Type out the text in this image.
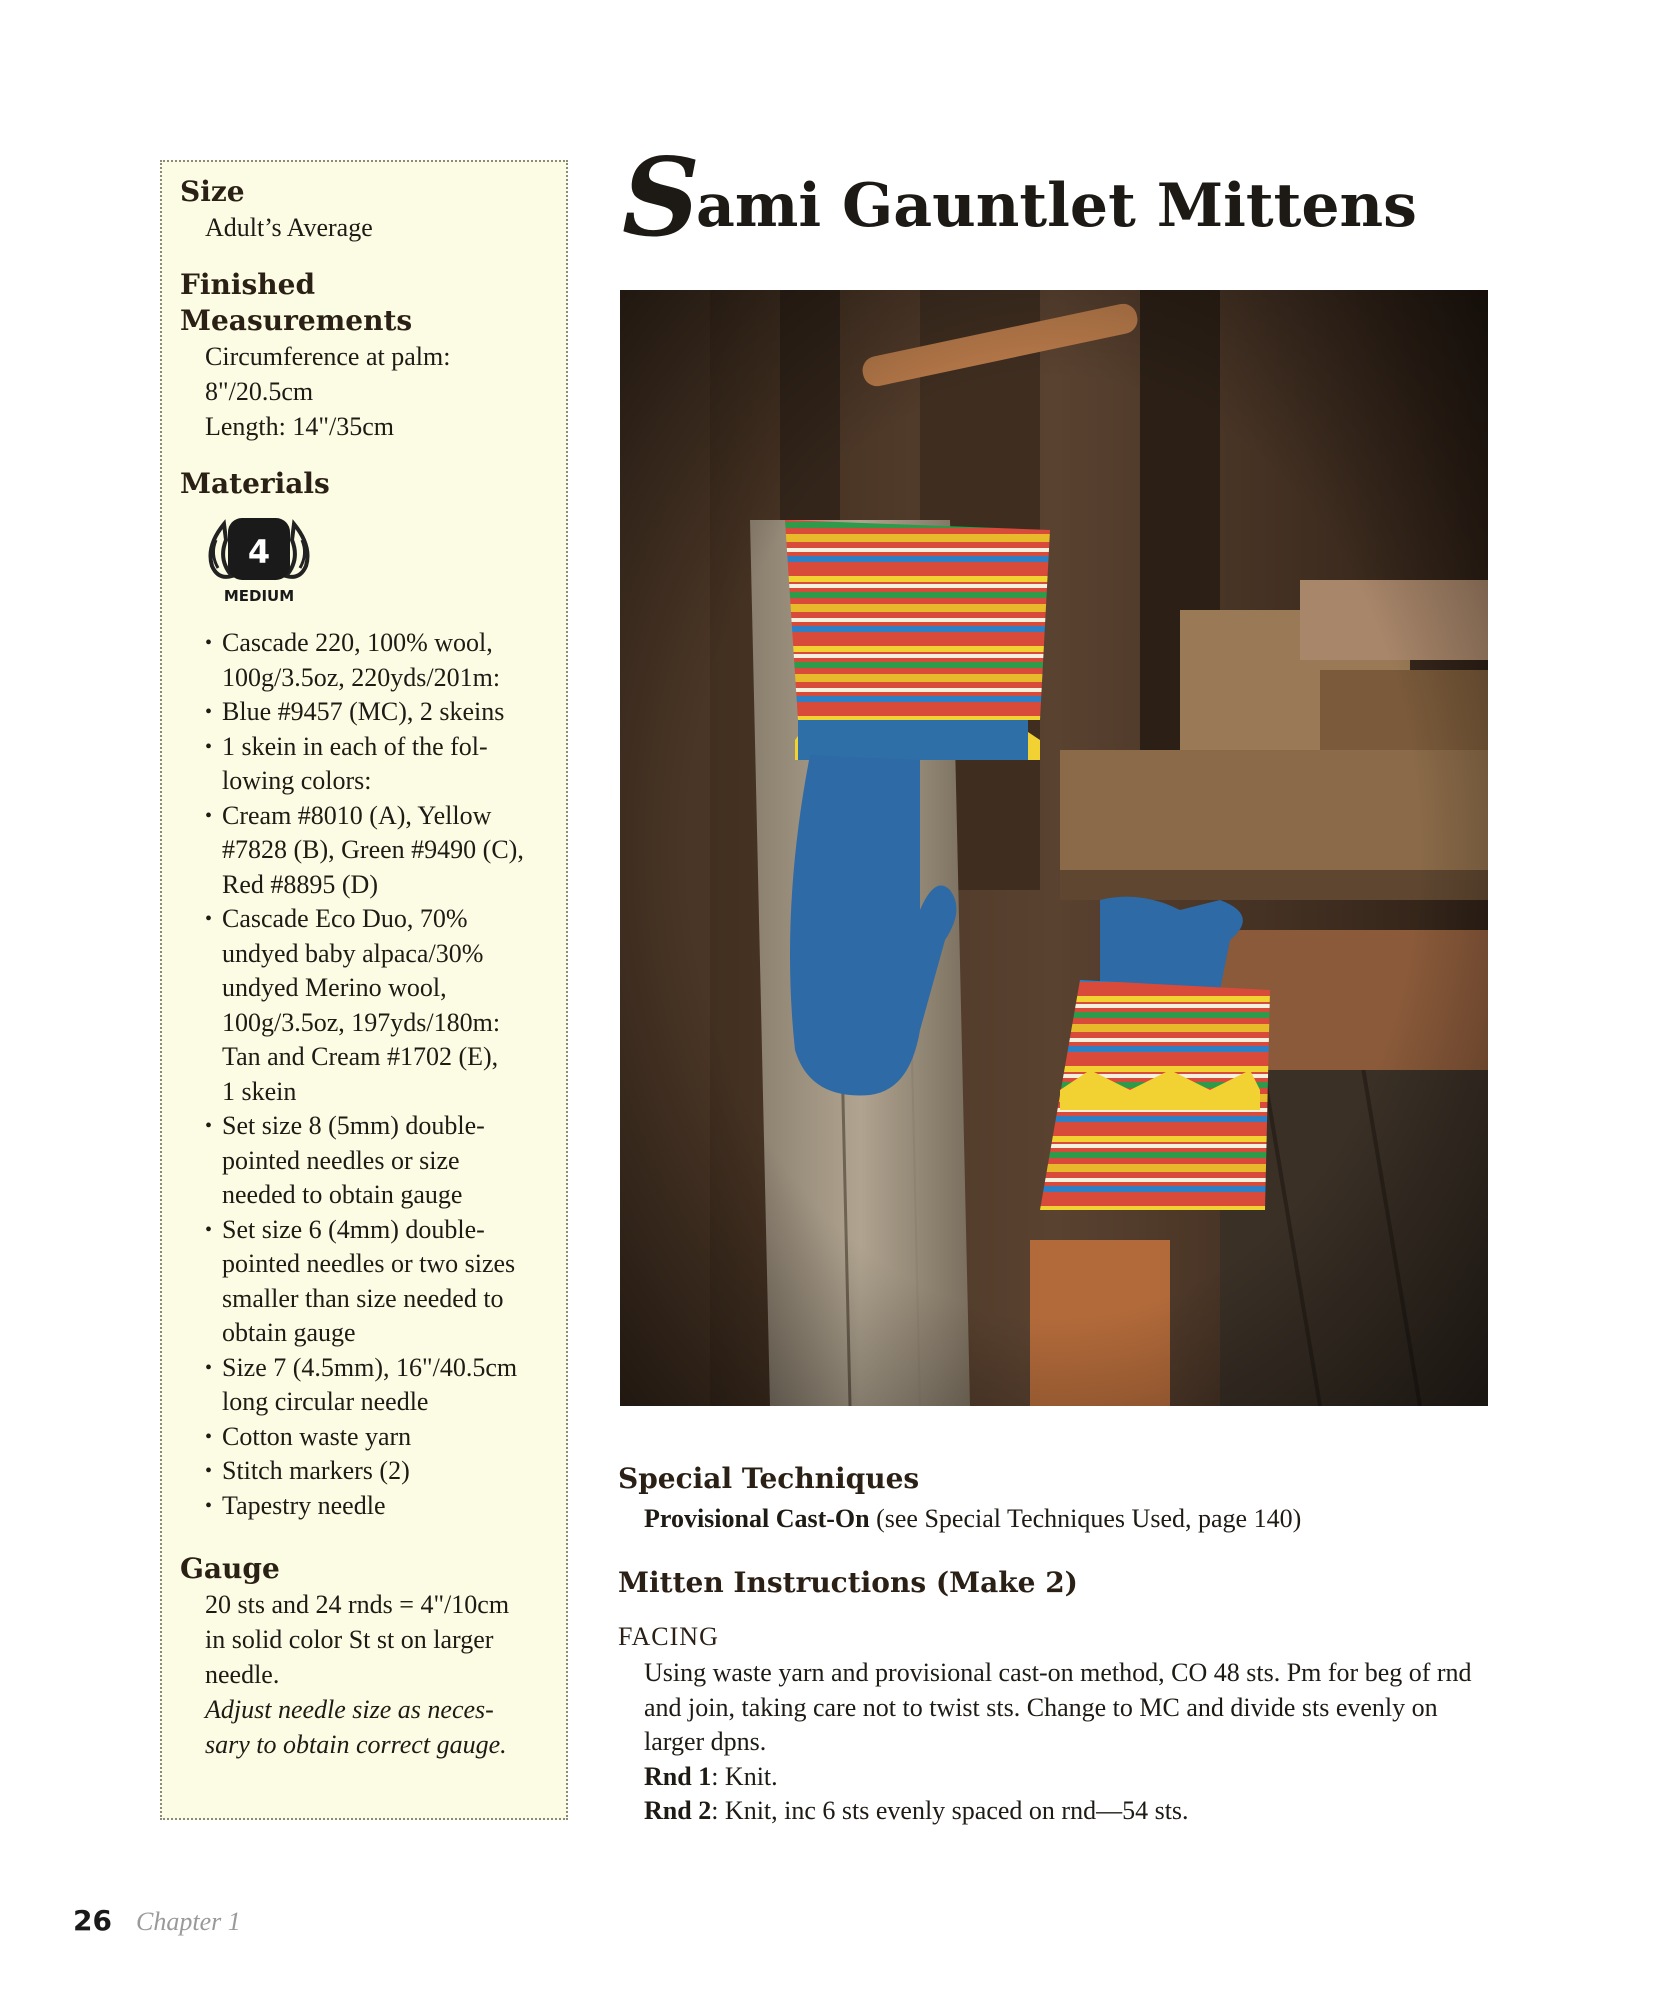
Size

Adult’s Average

Finished Measurements

Circumference at palm:

8"/20.5cm

Length: 14"/35cm

Materials
4
MEDIUM
• Cascade 220, 100% wool,
100g/3.5oz, 220yds/201m:
• Blue #9457 (MC), 2 skeins
• 1 skein in each of the fol-
lowing colors:
• Cream #8010 (A), Yellow
#7828 (B), Green #9490 (C),
Red #8895 (D)
• Cascade Eco Duo, 70%
undyed baby alpaca/30%
undyed Merino wool,
100g/3.5oz, 197yds/180m:
Tan and Cream #1702 (E),
1 skein
• Set size 8 (5mm) double-
pointed needles or size
needed to obtain gauge
• Set size 6 (4mm) double-
pointed needles or two sizes
smaller than size needed to
obtain gauge
• Size 7 (4.5mm), 16"/40.5cm
long circular needle
• Cotton waste yarn
• Stitch markers (2)
• Tapestry needle
Gauge

20 sts and 24 rnds = 4"/10cm

in solid color St st on larger

needle.

Adjust needle size as neces-

sary to obtain correct gauge.

S
ami Gauntlet Mittens
Special Techniques

Provisional Cast-On (see Special Techniques Used, page 140)

Mitten Instructions (Make 2)

FACING

Using waste yarn and provisional cast-on method, CO 48 sts. Pm for beg of rnd and join, taking care not to twist sts. Change to MC and divide sts evenly on larger dpns.

Rnd 1: Knit.

Rnd 2: Knit, inc 6 sts evenly spaced on rnd—54 sts.

26 Chapter 1
